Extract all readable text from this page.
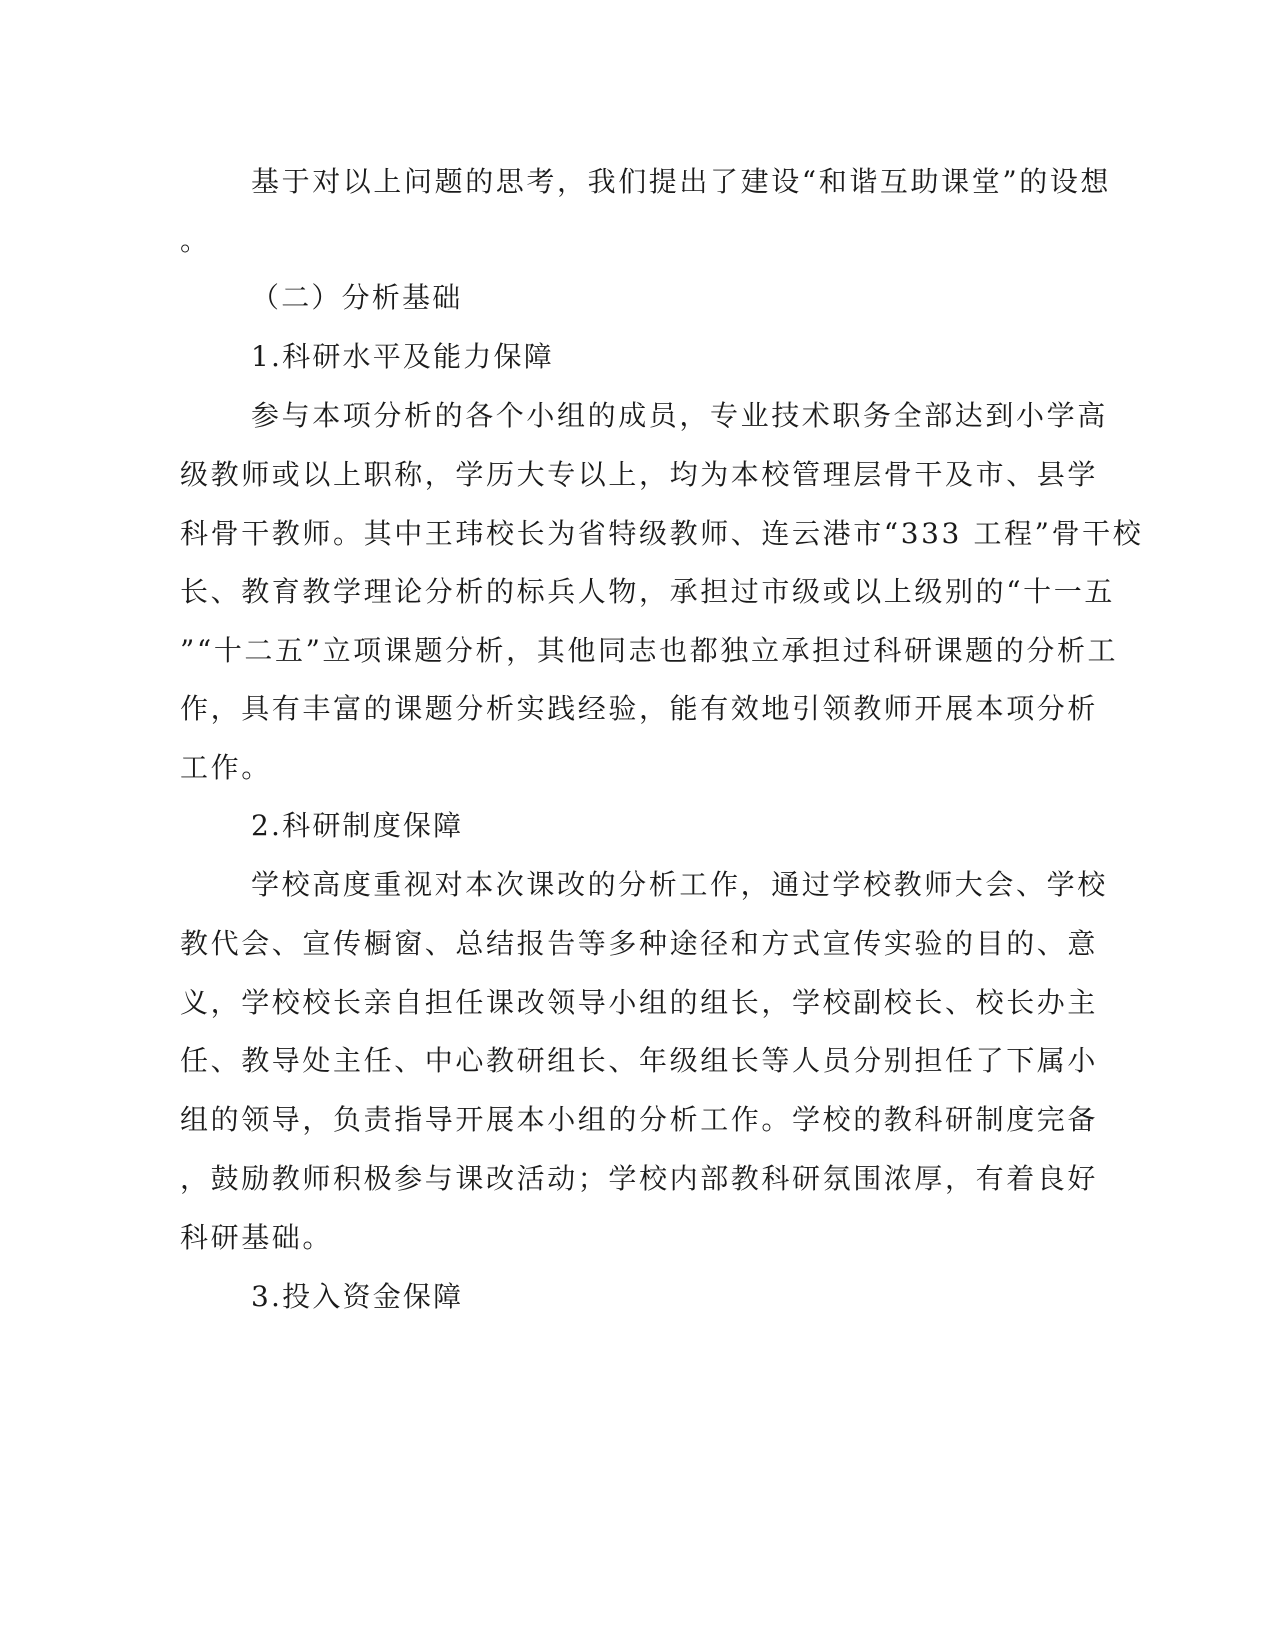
基于对以上问题的思考，我们提出了建设“和谐互助课堂”的设想
。
（二）分析基础
1.科研水平及能力保障
参与本项分析的各个小组的成员，专业技术职务全部达到小学高
级教师或以上职称，学历大专以上，均为本校管理层骨干及市、县学
科骨干教师。其中王玮校长为省特级教师、连云港市“333 工程”骨干校
长、教育教学理论分析的标兵人物，承担过市级或以上级别的“十一五
”“十二五”立项课题分析，其他同志也都独立承担过科研课题的分析工
作，具有丰富的课题分析实践经验，能有效地引领教师开展本项分析
工作。
2.科研制度保障
学校高度重视对本次课改的分析工作，通过学校教师大会、学校
教代会、宣传橱窗、总结报告等多种途径和方式宣传实验的目的、意
义，学校校长亲自担任课改领导小组的组长，学校副校长、校长办主
任、教导处主任、中心教研组长、年级组长等人员分别担任了下属小
组的领导，负责指导开展本小组的分析工作。学校的教科研制度完备
，鼓励教师积极参与课改活动；学校内部教科研氛围浓厚，有着良好
科研基础。
3.投入资金保障
